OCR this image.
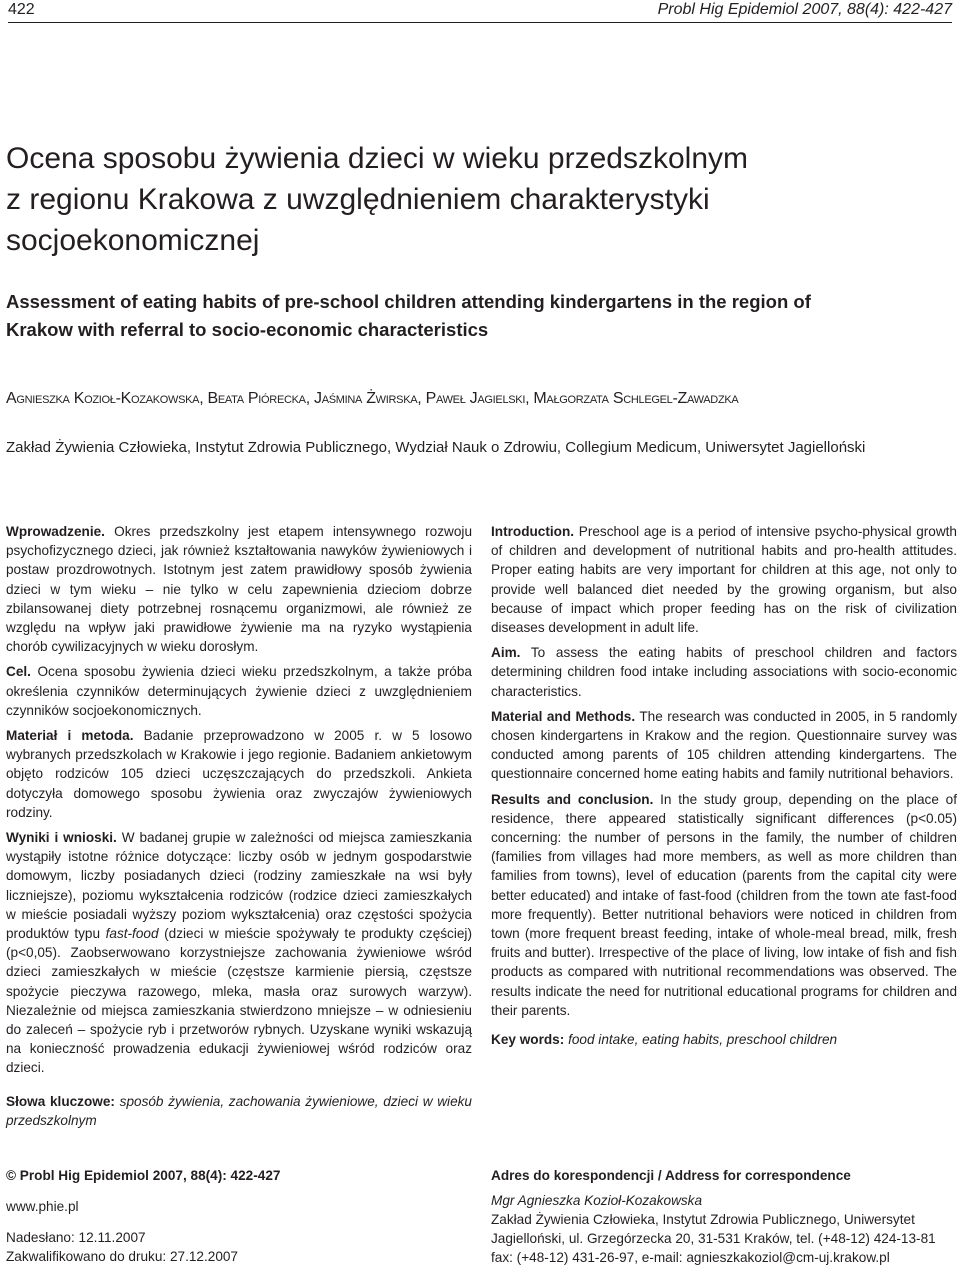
422	Probl Hig Epidemiol 2007, 88(4): 422-427
Ocena sposobu żywienia dzieci w wieku przedszkolnym
z regionu Krakowa z uwzględnieniem charakterystyki
socjoekonomicznej
Assessment of eating habits of pre-school children attending kindergartens in the region of
Krakow with referral to socio-economic characteristics
Agnieszka Kozioł-Kozakowska, Beata Piórecka, Jaśmina Żwirska, Paweł Jagielski, Małgorzata Schlegel-Zawadzka
Zakład Żywienia Człowieka, Instytut Zdrowia Publicznego, Wydział Nauk o Zdrowiu, Collegium Medicum, Uniwersytet Jagielloński

Wprowadzenie. Okres przedszkolny jest etapem intensywnego rozwoju psychofizycznego dzieci, jak również kształtowania nawyków żywieniowych i postaw prozdrowotnych. Istotnym jest zatem prawidłowy sposób żywienia dzieci w tym wieku – nie tylko w celu zapewnienia dzieciom dobrze zbilansowanej diety potrzebnej rosnącemu organizmowi, ale również ze względu na wpływ jaki prawidłowe żywienie ma na ryzyko wystąpienia chorób cywilizacyjnych w wieku dorosłym.

Cel. Ocena sposobu żywienia dzieci wieku przedszkolnym, a także próba określenia czynników determinujących żywienie dzieci z uwzględnieniem czynników socjoekonomicznych.

Materiał i metoda. Badanie przeprowadzono w 2005 r. w 5 losowo wybranych przedszkolach w Krakowie i jego regionie. Badaniem ankietowym objęto rodziców 105 dzieci uczęszczających do przedszkoli. Ankieta dotyczyła domowego sposobu żywienia oraz zwyczajów żywieniowych rodziny.

Wyniki i wnioski. W badanej grupie w zależności od miejsca zamieszkania wystąpiły istotne różnice dotyczące: liczby osób w jednym gospodarstwie domowym, liczby posiadanych dzieci (rodziny zamieszkałe na wsi były liczniejsze), poziomu wykształcenia rodziców (rodzice dzieci zamieszkałych w mieście posiadali wyższy poziom wykształcenia) oraz częstości spożycia produktów typu fast-food (dzieci w mieście spożywały te produkty częściej) (p<0,05). Zaobserwowano korzystniejsze zachowania żywieniowe wśród dzieci zamieszkałych w mieście (częstsze karmienie piersią, częstsze spożycie pieczywa razowego, mleka, masła oraz surowych warzyw). Niezależnie od miejsca zamieszkania stwierdzono mniejsze – w odniesieniu do zaleceń – spożycie ryb i przetworów rybnych. Uzyskane wyniki wskazują na konieczność prowadzenia edukacji żywieniowej wśród rodziców oraz dzieci.

Słowa kluczowe: sposób żywienia, zachowania żywieniowe, dzieci w wieku przedszkolnym

Introduction. Preschool age is a period of intensive psycho-physical growth of children and development of nutritional habits and pro-health attitudes. Proper eating habits are very important for children at this age, not only to provide well balanced diet needed by the growing organism, but also because of impact which proper feeding has on the risk of civilization diseases development in adult life.

Aim. To assess the eating habits of preschool children and factors determining children food intake including associations with socio-economic characteristics.

Material and Methods. The research was conducted in 2005, in 5 randomly chosen kindergartens in Krakow and the region. Questionnaire survey was conducted among parents of 105 children attending kindergartens. The questionnaire concerned home eating habits and family nutritional behaviors.

Results and conclusion. In the study group, depending on the place of residence, there appeared statistically significant differences (p<0.05) concerning: the number of persons in the family, the number of children (families from villages had more members, as well as more children than families from towns), level of education (parents from the capital city were better educated) and intake of fast-food (children from the town ate fast-food more frequently). Better nutritional behaviors were noticed in children from town (more frequent breast feeding, intake of whole-meal bread, milk, fresh fruits and butter). Irrespective of the place of living, low intake of fish and fish products as compared with nutritional recommendations was observed. The results indicate the need for nutritional educational programs for children and their parents.

Key words: food intake, eating habits, preschool children

© Probl Hig Epidemiol 2007, 88(4): 422-427
www.phie.pl
Nadesłano: 12.11.2007
Zakwalifikowano do druku: 27.12.2007
Adres do korespondencji / Address for correspondence
Mgr Agnieszka Kozioł-Kozakowska
Zakład Żywienia Człowieka, Instytut Zdrowia Publicznego, Uniwersytet
Jagielloński, ul. Grzegórzecka 20, 31-531 Kraków, tel. (+48-12) 424-13-81
fax: (+48-12) 431-26-97, e-mail: agnieszkakoziol@cm-uj.krakow.pl
